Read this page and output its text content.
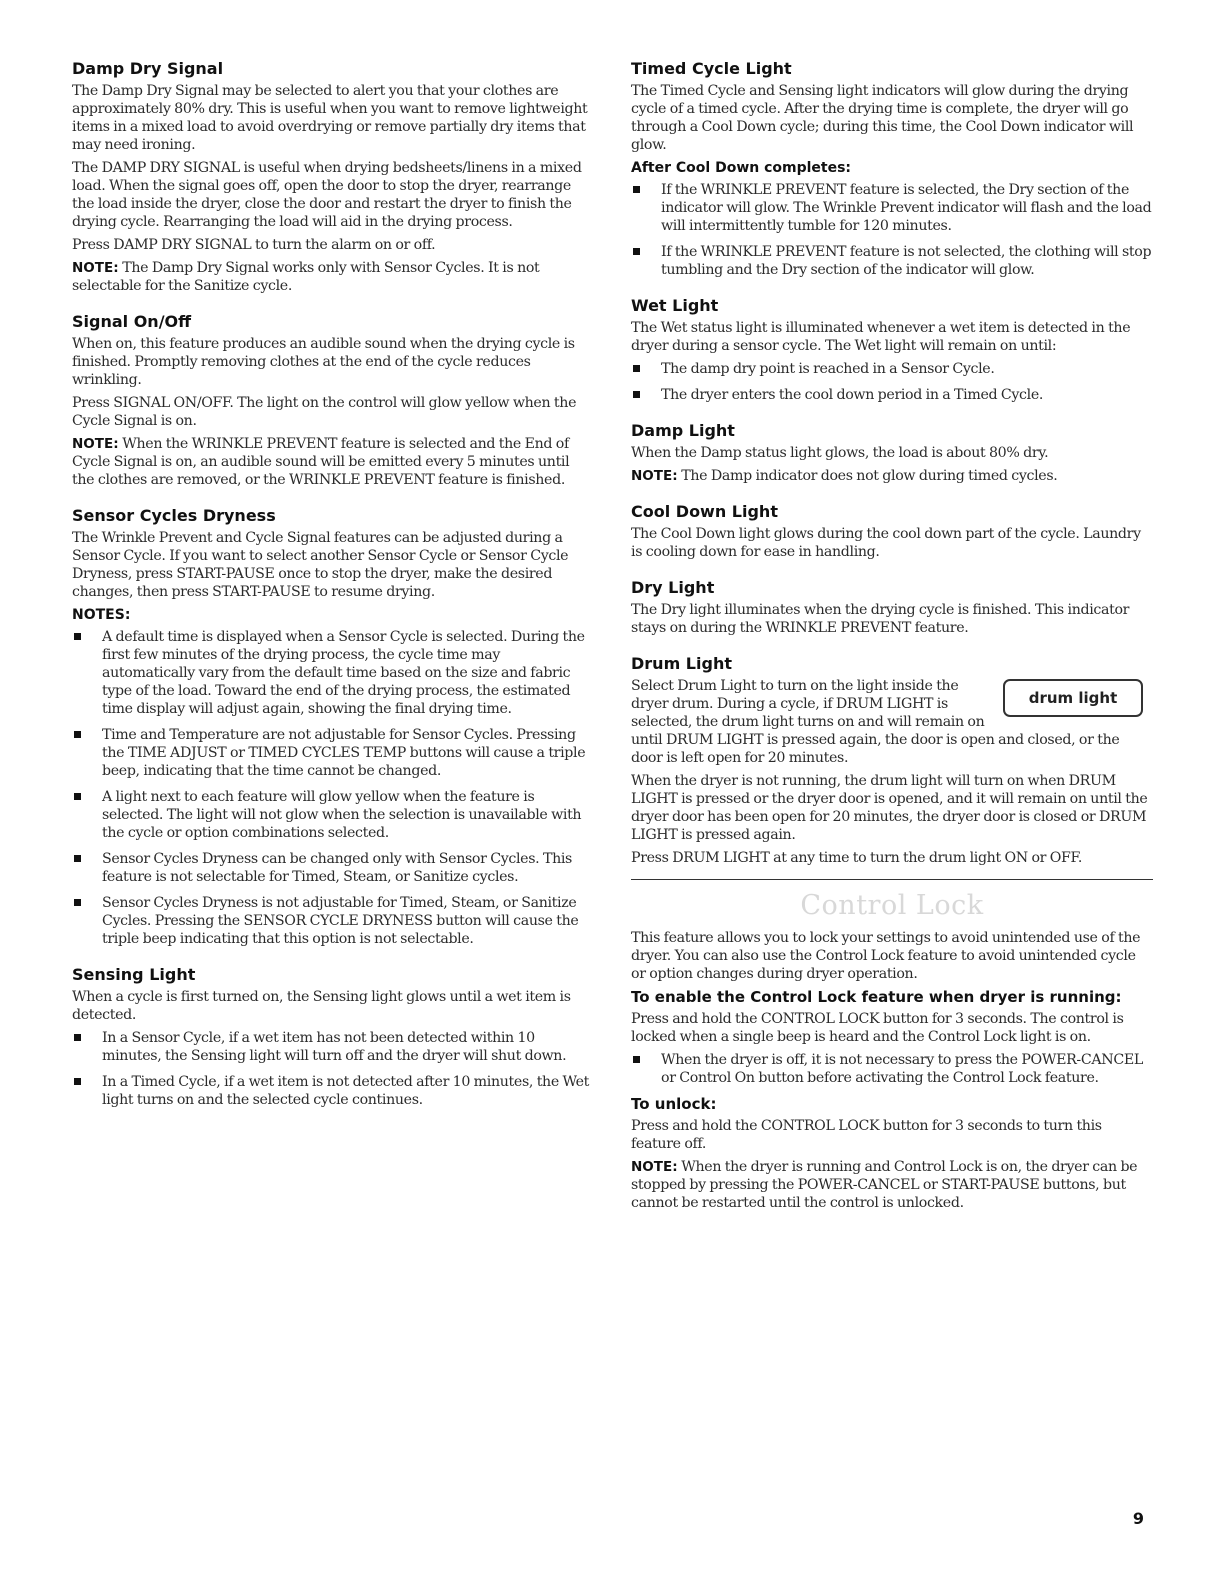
Damp Dry Signal

The Damp Dry Signal may be selected to alert you that your clothes are approximately 80% dry. This is useful when you want to remove lightweight items in a mixed load to avoid overdrying or remove partially dry items that may need ironing.

The DAMP DRY SIGNAL is useful when drying bedsheets/linens in a mixed load. When the signal goes off, open the door to stop the dryer, rearrange the load inside the dryer, close the door and restart the dryer to finish the drying cycle. Rearranging the load will aid in the drying process.

Press DAMP DRY SIGNAL to turn the alarm on or off.

NOTE: The Damp Dry Signal works only with Sensor Cycles. It is not selectable for the Sanitize cycle.

Signal On/Off

When on, this feature produces an audible sound when the drying cycle is finished. Promptly removing clothes at the end of the cycle reduces wrinkling.

Press SIGNAL ON/OFF. The light on the control will glow yellow when the Cycle Signal is on.

NOTE: When the WRINKLE PREVENT feature is selected and the End of Cycle Signal is on, an audible sound will be emitted every 5 minutes until the clothes are removed, or the WRINKLE PREVENT feature is finished.

Sensor Cycles Dryness

The Wrinkle Prevent and Cycle Signal features can be adjusted during a Sensor Cycle. If you want to select another Sensor Cycle or Sensor Cycle Dryness, press START-PAUSE once to stop the dryer, make the desired changes, then press START-PAUSE to resume drying.

NOTES:
A default time is displayed when a Sensor Cycle is selected. During the first few minutes of the drying process, the cycle time may automatically vary from the default time based on the size and fabric type of the load. Toward the end of the drying process, the estimated time display will adjust again, showing the final drying time.
Time and Temperature are not adjustable for Sensor Cycles. Pressing the TIME ADJUST or TIMED CYCLES TEMP buttons will cause a triple beep, indicating that the time cannot be changed.
A light next to each feature will glow yellow when the feature is selected. The light will not glow when the selection is unavailable with the cycle or option combinations selected.
Sensor Cycles Dryness can be changed only with Sensor Cycles. This feature is not selectable for Timed, Steam, or Sanitize cycles.
Sensor Cycles Dryness is not adjustable for Timed, Steam, or Sanitize Cycles. Pressing the SENSOR CYCLE DRYNESS button will cause the triple beep indicating that this option is not selectable.
Sensing Light

When a cycle is first turned on, the Sensing light glows until a wet item is detected.

In a Sensor Cycle, if a wet item has not been detected within 10 minutes, the Sensing light will turn off and the dryer will shut down.
In a Timed Cycle, if a wet item is not detected after 10 minutes, the Wet light turns on and the selected cycle continues.
Timed Cycle Light

The Timed Cycle and Sensing light indicators will glow during the drying cycle of a timed cycle. After the drying time is complete, the dryer will go through a Cool Down cycle; during this time, the Cool Down indicator will glow.

After Cool Down completes:
If the WRINKLE PREVENT feature is selected, the Dry section of the indicator will glow. The Wrinkle Prevent indicator will flash and the load will intermittently tumble for 120 minutes.
If the WRINKLE PREVENT feature is not selected, the clothing will stop tumbling and the Dry section of the indicator will glow.
Wet Light

The Wet status light is illuminated whenever a wet item is detected in the dryer during a sensor cycle. The Wet light will remain on until:

The damp dry point is reached in a Sensor Cycle.
The dryer enters the cool down period in a Timed Cycle.
Damp Light

When the Damp status light glows, the load is about 80% dry.

NOTE: The Damp indicator does not glow during timed cycles.

Cool Down Light

The Cool Down light glows during the cool down part of the cycle. Laundry is cooling down for ease in handling.

Dry Light

The Dry light illuminates when the drying cycle is finished. This indicator stays on during the WRINKLE PREVENT feature.

Drum Light
drum light

Select Drum Light to turn on the light inside the dryer drum. During a cycle, if DRUM LIGHT is selected, the drum light turns on and will remain on until DRUM LIGHT is pressed again, the door is open and closed, or the door is left open for 20 minutes.

When the dryer is not running, the drum light will turn on when DRUM LIGHT is pressed or the dryer door is opened, and it will remain on until the dryer door has been open for 20 minutes, the dryer door is closed or DRUM LIGHT is pressed again.

Press DRUM LIGHT at any time to turn the drum light ON or OFF.

Control Lock

This feature allows you to lock your settings to avoid unintended use of the dryer. You can also use the Control Lock feature to avoid unintended cycle or option changes during dryer operation.

To enable the Control Lock feature when dryer is running:

Press and hold the CONTROL LOCK button for 3 seconds. The control is locked when a single beep is heard and the Control Lock light is on.

When the dryer is off, it is not necessary to press the POWER-CANCEL or Control On button before activating the Control Lock feature.
To unlock:

Press and hold the CONTROL LOCK button for 3 seconds to turn this feature off.

NOTE: When the dryer is running and Control Lock is on, the dryer can be stopped by pressing the POWER-CANCEL or START-PAUSE buttons, but cannot be restarted until the control is unlocked.

9
